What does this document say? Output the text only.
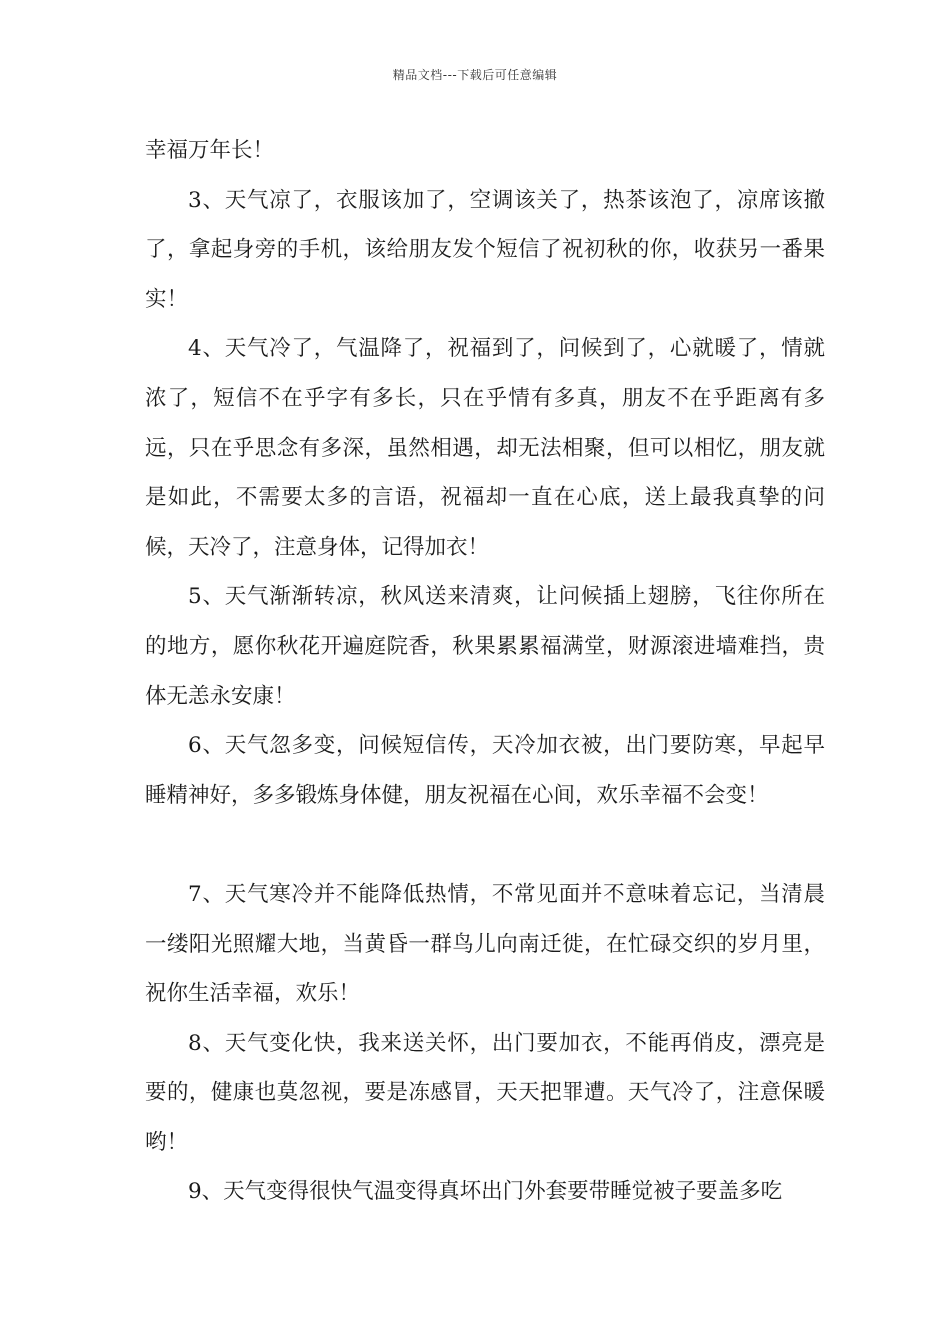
精品文档---下载后可任意编辑

幸福万年长！

3、天气凉了，衣服该加了，空调该关了，热茶该泡了，凉席该撤了，拿起身旁的手机，该给朋友发个短信了祝初秋的你，收获另一番果实！

4、天气冷了，气温降了，祝福到了，问候到了，心就暖了，情就浓了，短信不在乎字有多长，只在乎情有多真，朋友不在乎距离有多远，只在乎思念有多深，虽然相遇，却无法相聚，但可以相忆，朋友就是如此，不需要太多的言语，祝福却一直在心底，送上最我真挚的问候，天冷了，注意身体，记得加衣！

5、天气渐渐转凉，秋风送来清爽，让问候插上翅膀，飞往你所在的地方，愿你秋花开遍庭院香，秋果累累福满堂，财源滚进墙难挡，贵体无恙永安康！

6、天气忽多变，问候短信传，天冷加衣被，出门要防寒，早起早睡精神好，多多锻炼身体健，朋友祝福在心间，欢乐幸福不会变！

7、天气寒冷并不能降低热情，不常见面并不意味着忘记，当清晨一缕阳光照耀大地，当黄昏一群鸟儿向南迁徙，在忙碌交织的岁月里，祝你生活幸福，欢乐！

8、天气变化快，我来送关怀，出门要加衣，不能再俏皮，漂亮是要的，健康也莫忽视，要是冻感冒，天天把罪遭。天气冷了，注意保暖哟！

9、天气变得很快气温变得真坏出门外套要带睡觉被子要盖多吃
